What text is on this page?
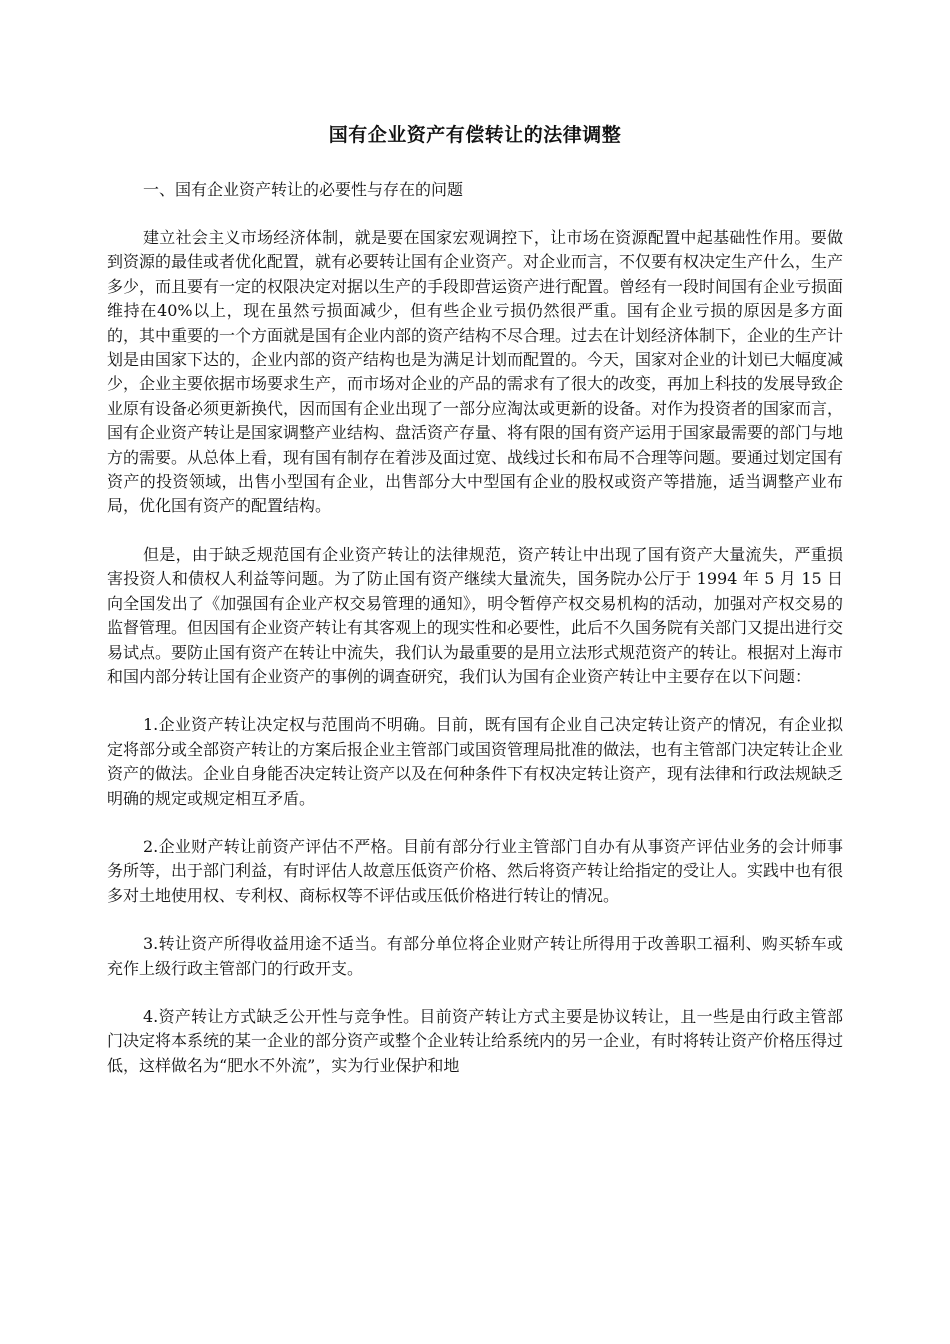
国有企业资产有偿转让的法律调整
一、国有企业资产转让的必要性与存在的问题

建立社会主义市场经济体制，就是要在国家宏观调控下，让市场在资源配置中起基础性作用。要做到资源的最佳或者优化配置，就有必要转让国有企业资产。对企业而言，不仅要有权决定生产什么，生产多少，而且要有一定的权限决定对据以生产的手段即营运资产进行配置。曾经有一段时间国有企业亏损面维持在40%以上，现在虽然亏损面减少，但有些企业亏损仍然很严重。国有企业亏损的原因是多方面的，其中重要的一个方面就是国有企业内部的资产结构不尽合理。过去在计划经济体制下，企业的生产计划是由国家下达的，企业内部的资产结构也是为满足计划而配置的。今天，国家对企业的计划已大幅度减少，企业主要依据市场要求生产，而市场对企业的产品的需求有了很大的改变，再加上科技的发展导致企业原有设备必须更新换代，因而国有企业出现了一部分应淘汰或更新的设备。对作为投资者的国家而言，国有企业资产转让是国家调整产业结构、盘活资产存量、将有限的国有资产运用于国家最需要的部门与地方的需要。从总体上看，现有国有制存在着涉及面过宽、战线过长和布局不合理等问题。要通过划定国有资产的投资领域，出售小型国有企业，出售部分大中型国有企业的股权或资产等措施，适当调整产业布局，优化国有资产的配置结构。

但是，由于缺乏规范国有企业资产转让的法律规范，资产转让中出现了国有资产大量流失，严重损害投资人和债权人利益等问题。为了防止国有资产继续大量流失，国务院办公厅于 1994 年 5 月 15 日向全国发出了《加强国有企业产权交易管理的通知》，明令暂停产权交易机构的活动，加强对产权交易的监督管理。但因国有企业资产转让有其客观上的现实性和必要性，此后不久国务院有关部门又提出进行交易试点。要防止国有资产在转让中流失，我们认为最重要的是用立法形式规范资产的转让。根据对上海市和国内部分转让国有企业资产的事例的调查研究，我们认为国有企业资产转让中主要存在以下问题：

1.企业资产转让决定权与范围尚不明确。目前，既有国有企业自己决定转让资产的情况，有企业拟定将部分或全部资产转让的方案后报企业主管部门或国资管理局批准的做法，也有主管部门决定转让企业资产的做法。企业自身能否决定转让资产以及在何种条件下有权决定转让资产，现有法律和行政法规缺乏明确的规定或规定相互矛盾。

2.企业财产转让前资产评估不严格。目前有部分行业主管部门自办有从事资产评估业务的会计师事务所等，出于部门利益，有时评估人故意压低资产价格、然后将资产转让给指定的受让人。实践中也有很多对土地使用权、专利权、商标权等不评估或压低价格进行转让的情况。

3.转让资产所得收益用途不适当。有部分单位将企业财产转让所得用于改善职工福利、购买轿车或充作上级行政主管部门的行政开支。

4.资产转让方式缺乏公开性与竞争性。目前资产转让方式主要是协议转让，且一些是由行政主管部门决定将本系统的某一企业的部分资产或整个企业转让给系统内的另一企业，有时将转让资产价格压得过低，这样做名为“肥水不外流”，实为行业保护和地
